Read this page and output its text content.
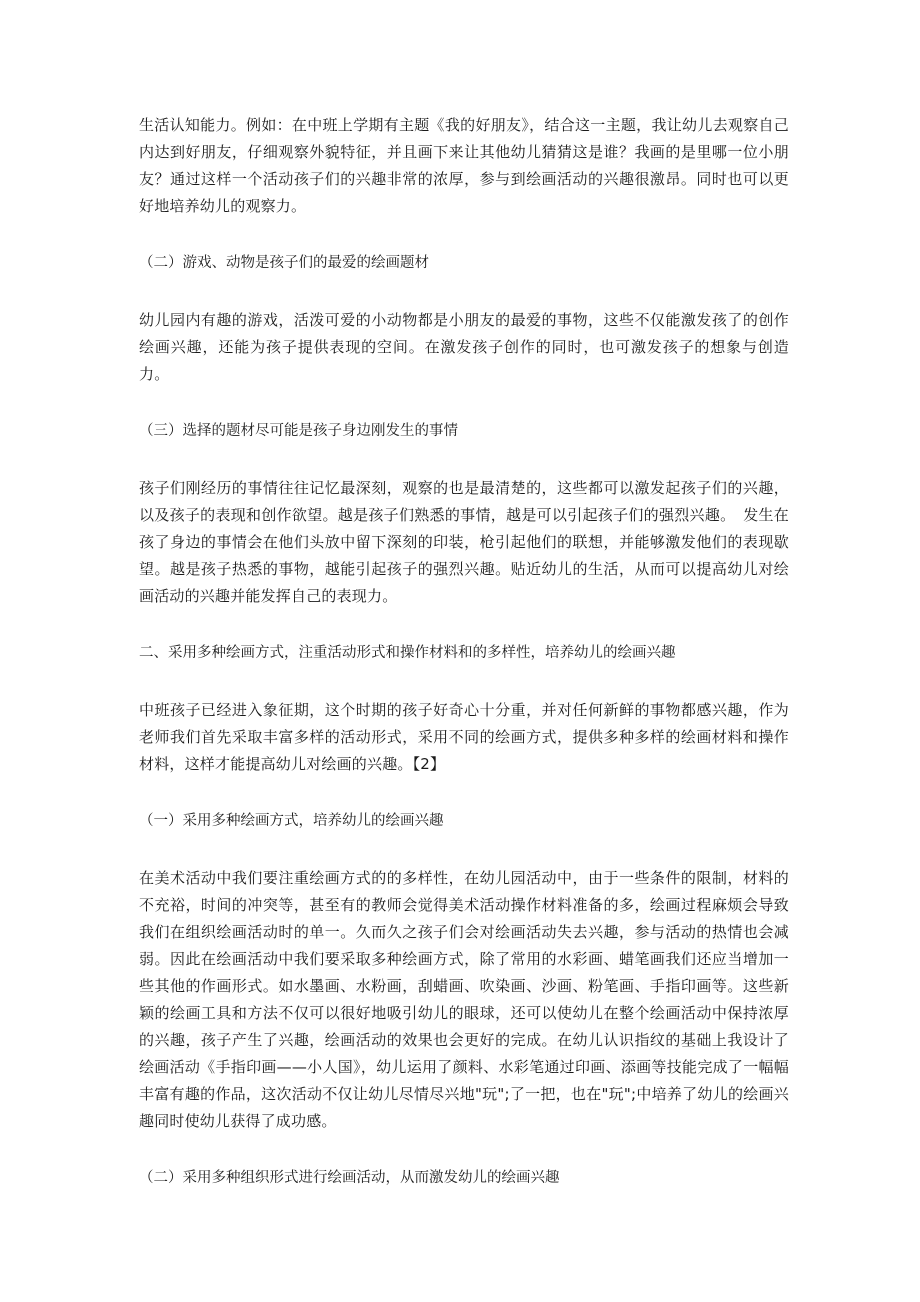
生活认知能力。例如：在中班上学期有主题《我的好朋友》，结合这一主题，我让幼儿去观察自己内达到好朋友，仔细观察外貌特征，并且画下来让其他幼儿猜猜这是谁？我画的是里哪一位小朋友？通过这样一个活动孩子们的兴趣非常的浓厚，参与到绘画活动的兴趣很激昂。同时也可以更好地培养幼儿的观察力。

（二）游戏、动物是孩子们的最爱的绘画题材

幼儿园内有趣的游戏，活泼可爱的小动物都是小朋友的最爱的事物，这些不仅能激发孩了的创作绘画兴趣，还能为孩子提供表现的空间。在激发孩子创作的同时，也可激发孩子的想象与创造力。

（三）选择的题材尽可能是孩子身边刚发生的事情

孩子们刚经历的事情往往记忆最深刻，观察的也是最清楚的，这些都可以激发起孩子们的兴趣，以及孩子的表现和创作欲望。越是孩子们熟悉的事情，越是可以引起孩子们的强烈兴趣。　发生在孩了身边的事情会在他们头放中留下深刻的印装，枪引起他们的联想，并能够激发他们的表现歇望。越是孩子热悉的事物，越能引起孩子的强烈兴趣。贴近幼儿的生活，从而可以提高幼儿对绘画活动的兴趣并能发挥自己的表现力。

二、采用多种绘画方式，注重活动形式和操作材料和的多样性，培养幼儿的绘画兴趣

中班孩子已经进入象征期，这个时期的孩子好奇心十分重，并对任何新鲜的事物都感兴趣，作为老师我们首先采取丰富多样的活动形式，采用不同的绘画方式，提供多种多样的绘画材料和操作材料，这样才能提高幼儿对绘画的兴趣。【2】

（一）采用多种绘画方式，培养幼儿的绘画兴趣

在美术活动中我们要注重绘画方式的的多样性，在幼儿园活动中，由于一些条件的限制，材料的不充裕，时间的冲突等，甚至有的教师会觉得美术活动操作材料准备的多，绘画过程麻烦会导致我们在组织绘画活动时的单一。久而久之孩子们会对绘画活动失去兴趣，参与活动的热情也会减弱。因此在绘画活动中我们要采取多种绘画方式，除了常用的水彩画、蜡笔画我们还应当增加一些其他的作画形式。如水墨画、水粉画，刮蜡画、吹染画、沙画、粉笔画、手指印画等。这些新颖的绘画工具和方法不仅可以很好地吸引幼儿的眼球，还可以使幼儿在整个绘画活动中保持浓厚的兴趣，孩子产生了兴趣，绘画活动的效果也会更好的完成。在幼儿认识指纹的基础上我设计了绘画活动《手指印画——小人国》，幼儿运用了颜料、水彩笔通过印画、添画等技能完成了一幅幅丰富有趣的作品，这次活动不仅让幼儿尽情尽兴地"玩";了一把，也在"玩";中培养了幼儿的绘画兴趣同时使幼儿获得了成功感。

（二）采用多种组织形式进行绘画活动，从而激发幼儿的绘画兴趣
